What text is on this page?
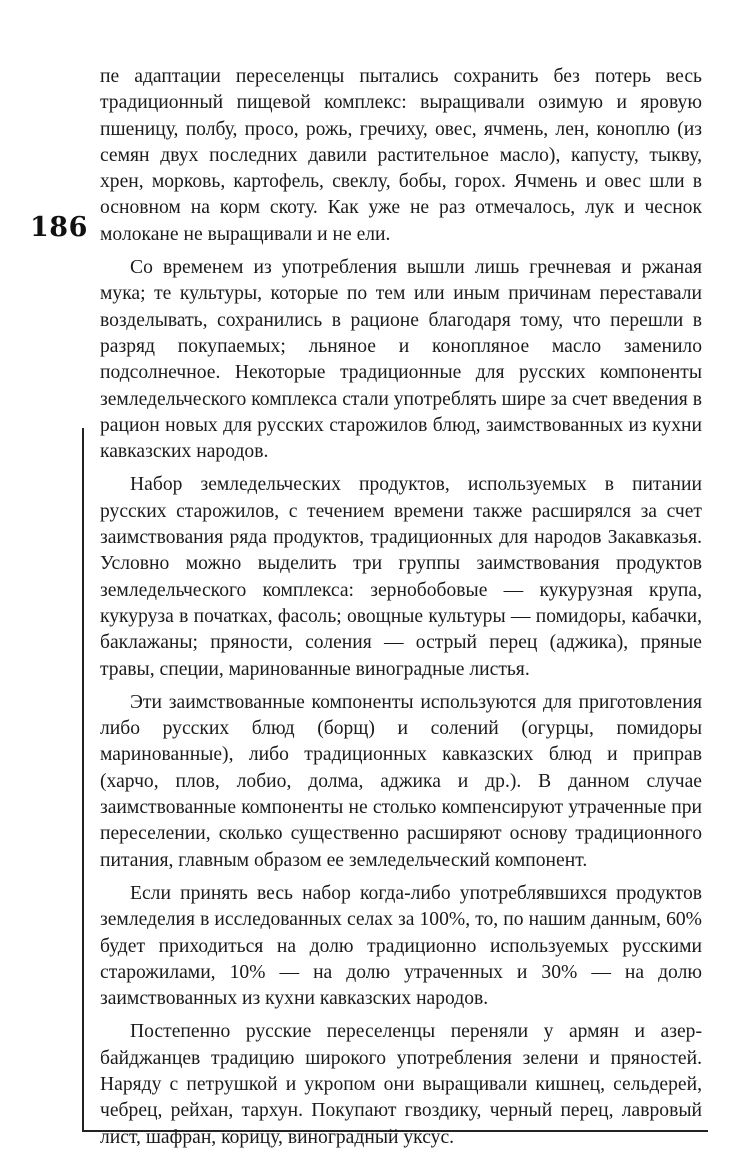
186

пе адаптации переселенцы пытались сохранить без потерь весь традиционный пищевой комплекс: выращивали озимую и яровую пшеницу, полбу, просо, рожь, гречиху, овес, ячмень, лен, коноплю (из семян двух последних давили растительное масло), капусту, тыкву, хрен, морковь, картофель, свеклу, бобы, горох. Ячмень и овес шли в основном на корм скоту. Как уже не раз отмечалось, лук и чеснок молокане не выращивали и не ели.

Со временем из употребления вышли лишь гречневая и ржаная мука; те культуры, которые по тем или иным причинам переставали возделывать, сохранились в рационе благодаря тому, что перешли в разряд покупаемых; льняное и конопляное масло заменило подсолнечное. Некоторые традиционные для русских компоненты земледельческого комплекса стали употреблять шире за счет введения в рацион новых для русских старожилов блюд, заимствованных из кухни кавказских народов.

Набор земледельческих продуктов, используемых в питании русских старожилов, с течением времени также расширялся за счет заимствования ряда продуктов, традиционных для народов Закавказья. Условно можно выделить три группы заимствования продуктов земледельческого комплекса: зернобобовые — кукурузная крупа, кукуруза в початках, фасоль; овощные культуры — помидоры, кабачки, баклажаны; пряности, соления — острый перец (аджика), пряные травы, специи, маринованные виноградные листья.

Эти заимствованные компоненты используются для приготовления либо русских блюд (борщ) и солений (огурцы, помидоры маринованные), либо традиционных кавказских блюд и приправ (харчо, плов, лобио, долма, аджика и др.). В данном случае заимствованные компоненты не столько компенсируют утраченные при переселении, сколько существенно расширяют основу традиционного питания, главным образом ее земледельческий компонент.

Если принять весь набор когда-либо употреблявшихся продуктов земледелия в исследованных селах за 100%, то, по нашим данным, 60% будет приходиться на долю традиционно используемых русскими старожилами, 10% — на долю утраченных и 30% — на долю заимствованных из кухни кавказских народов.

Постепенно русские переселенцы переняли у армян и азербайджанцев традицию широкого употребления зелени и пряностей. Наряду с петрушкой и укропом они выращивали кишнец, сельдерей, чебрец, рейхан, тархун. Покупают гвоздику, черный перец, лавровый лист, шафран, корицу, виноградный уксус.
